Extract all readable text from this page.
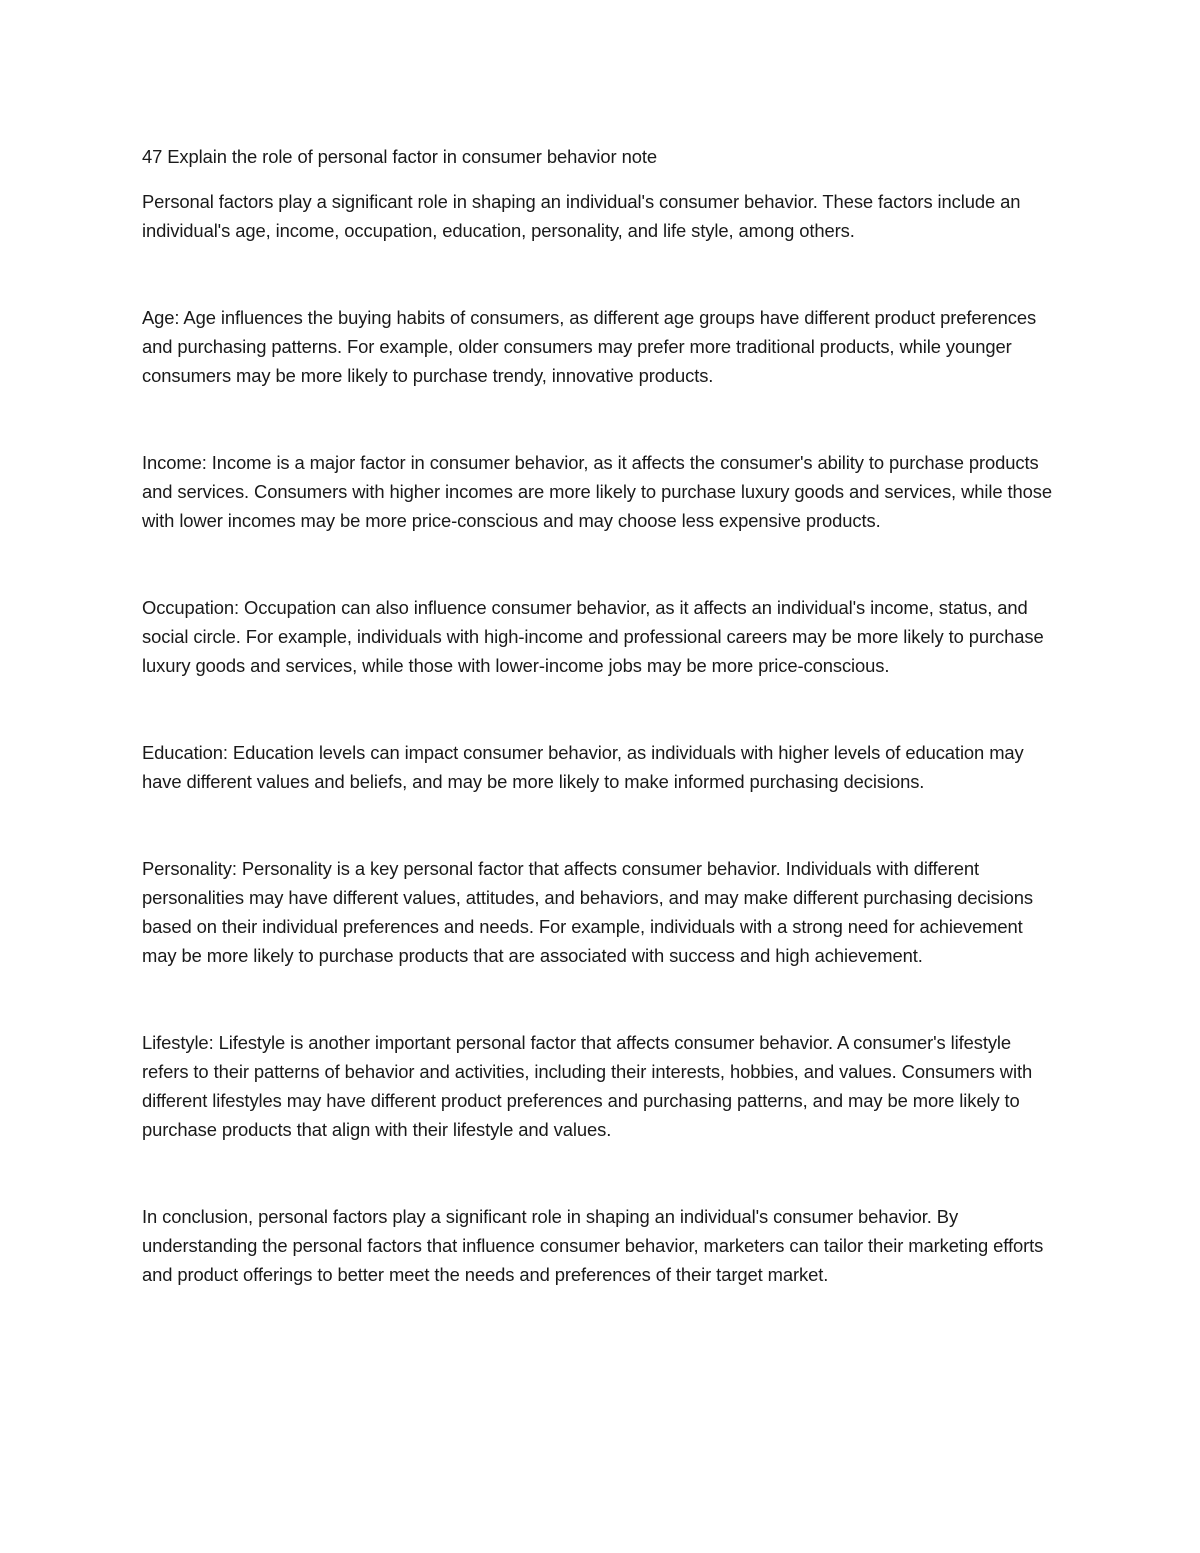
47 Explain the role of personal factor in consumer behavior note

Personal factors play a significant role in shaping an individual's consumer behavior. These factors include an individual's age, income, occupation, education, personality, and life style, among others.

Age: Age influences the buying habits of consumers, as different age groups have different product preferences and purchasing patterns. For example, older consumers may prefer more traditional products, while younger consumers may be more likely to purchase trendy, innovative products.

Income: Income is a major factor in consumer behavior, as it affects the consumer's ability to purchase products and services. Consumers with higher incomes are more likely to purchase luxury goods and services, while those with lower incomes may be more price-conscious and may choose less expensive products.

Occupation: Occupation can also influence consumer behavior, as it affects an individual's income, status, and social circle. For example, individuals with high-income and professional careers may be more likely to purchase luxury goods and services, while those with lower-income jobs may be more price-conscious.

Education: Education levels can impact consumer behavior, as individuals with higher levels of education may have different values and beliefs, and may be more likely to make informed purchasing decisions.

Personality: Personality is a key personal factor that affects consumer behavior. Individuals with different personalities may have different values, attitudes, and behaviors, and may make different purchasing decisions based on their individual preferences and needs. For example, individuals with a strong need for achievement may be more likely to purchase products that are associated with success and high achievement.

Lifestyle: Lifestyle is another important personal factor that affects consumer behavior. A consumer's lifestyle refers to their patterns of behavior and activities, including their interests, hobbies, and values. Consumers with different lifestyles may have different product preferences and purchasing patterns, and may be more likely to purchase products that align with their lifestyle and values.

In conclusion, personal factors play a significant role in shaping an individual's consumer behavior. By understanding the personal factors that influence consumer behavior, marketers can tailor their marketing efforts and product offerings to better meet the needs and preferences of their target market.
